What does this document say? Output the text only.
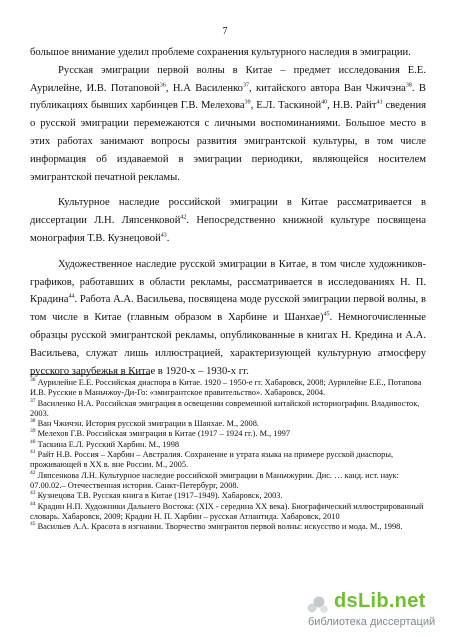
7

большое внимание уделил проблеме сохранения культурного наследия в эмиграции.

Русская эмиграции первой волны в Китае – предмет исследования Е.Е. Аурилейне, И.В. Потаповой$^{36}$, Н.А Василенко$^{37}$, китайского автора Ван Чжичэна$^{38}$. В публикациях бывших харбинцев Г.В. Мелехова$^{39}$, Е.Л. Таскиной$^{40}$, Н.В. Райт$^{41}$ сведения о русской эмиграции перемежаются с личными воспоминаниями. Большое место в этих работах занимают вопросы развития эмигрантской культуры, в том числе информация об издаваемой в эмиграции периодики, являющейся носителем эмигрантской печатной рекламы.

Культурное наследие российской эмиграции в Китае рассматривается в диссертации Л.Н. Ляпсенковой$^{42}$. Непосредственно книжной культуре посвящена монография Т.В. Кузнецовой$^{43}$.

Художественное наследие русской эмиграции в Китае, в том числе художников-графиков, работавших в области рекламы, рассматривается в исследованиях Н. П. Крадина$^{44}$. Работа А.А. Васильева, посвящена моде русской эмиграции первой волны, в том числе в Китае (главным образом в Харбине и Шанхае)$^{45}$. Немногочисленные образцы русской эмигрантской рекламы, опубликованные в книгах Н. Кредина и А.А. Васильева, служат лишь иллюстрацией, характеризующей культурную атмосферу русского зарубежья в Китае в 1920-х – 1930-х гг.

$^{36}$ Аурилейне Е.Е. Российская диаспора в Китае. 1920 – 1950-е гг. Хабаровск, 2008; Аурилейне Е.Е., Потапова И.В. Русские в Маньчжоу-Ди-Го: «эмигрантское правительство». Хабаровск, 2004.

$^{37}$ Василенко Н.А. Российская эмиграция в освещении современной китайской историографии. Владивосток, 2003.

$^{38}$ Ван Чжичэн. История русской эмиграции в Шанхае. М., 2008.

$^{39}$ Мелехов Г.В. Российская эмиграция в Китае (1917 – 1924 гг.). М., 1997

$^{40}$ Таскина Е.Л. Русский Харбин. М., 1998

$^{41}$ Райт Н.В. Россия – Харбин – Австралия. Сохранение и утрата языка на примере русской диаспоры, проживающей в ХХ в. вне России. М., 2005.

$^{42}$ Ляпсенкова Л.Н. Культурное наследие российской эмиграции в Маньчжурии. Дис. … канд. ист. наук: 07.00.02.– Отечественная история. Санкт-Петербург, 2008.

$^{43}$ Кузнецова Т.В. Русская книга в Китае (1917–1949). Хабаровск, 2003.

$^{44}$ Крадин Н.П. Художники Дальнего Востока: (XIX - середина XX века). Биографический иллюстрированный словарь. Хабаровск, 2009; Крадин Н. П. Харбин – русская Атлантида. Хабаровск, 2010

$^{45}$ Васильев А.А. Красота в изгнании. Творчество эмигрантов первой волны: искусство и мода. М., 1998.

dsLib.net
библиотека диссертаций
